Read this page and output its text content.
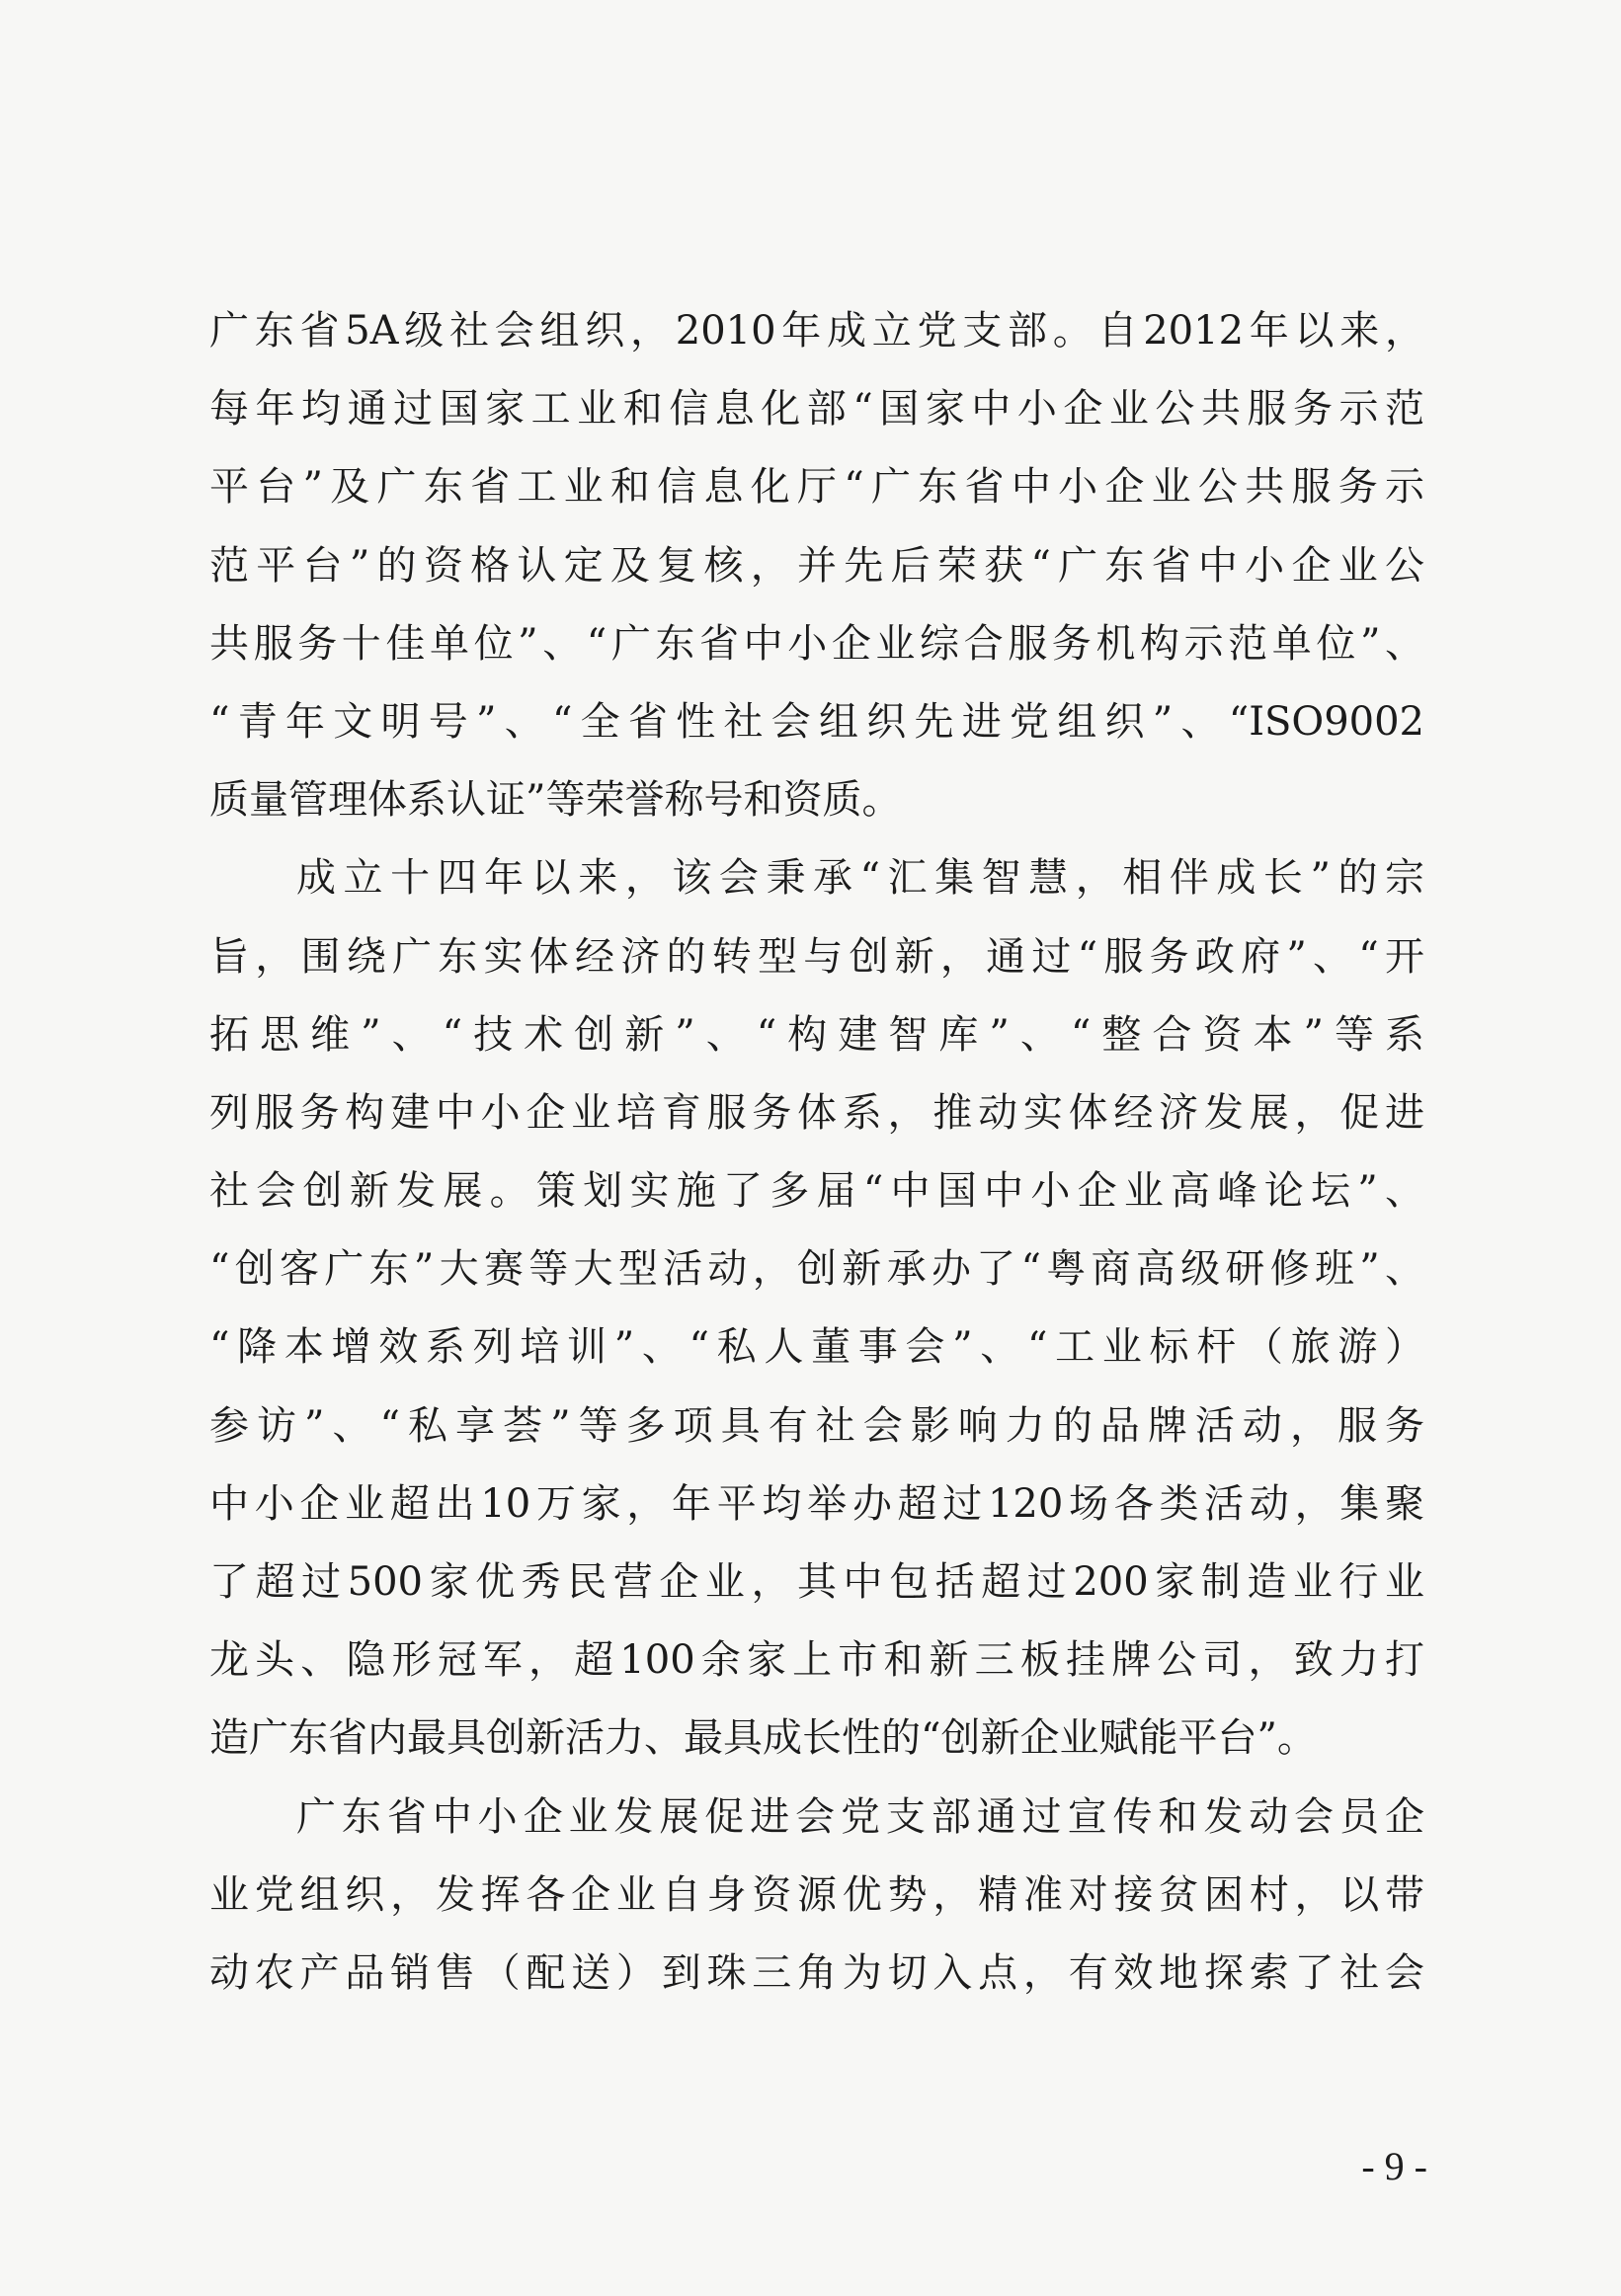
广东省5A级社会组织，2010年成立党支部。自2012年以来，
每年均通过国家工业和信息化部“国家中小企业公共服务示范
平台”及广东省工业和信息化厅“广东省中小企业公共服务示
范平台”的资格认定及复核，并先后荣获“广东省中小企业公
共服务十佳单位”、“广东省中小企业综合服务机构示范单位”、
“青年文明号”、“全省性社会组织先进党组织”、“ISO9002
质量管理体系认证”等荣誉称号和资质。
成立十四年以来，该会秉承“汇集智慧，相伴成长”的宗
旨，围绕广东实体经济的转型与创新，通过“服务政府”、“开
拓思维”、“技术创新”、“构建智库”、“整合资本”等系
列服务构建中小企业培育服务体系，推动实体经济发展，促进
社会创新发展。策划实施了多届“中国中小企业高峰论坛”、
“创客广东”大赛等大型活动，创新承办了“粤商高级研修班”、
“降本增效系列培训”、“私人董事会”、“工业标杆（旅游）
参访”、“私享荟”等多项具有社会影响力的品牌活动，服务
中小企业超出10万家，年平均举办超过120场各类活动，集聚
了超过500家优秀民营企业，其中包括超过200家制造业行业
龙头、隐形冠军，超100余家上市和新三板挂牌公司，致力打
造广东省内最具创新活力、最具成长性的“创新企业赋能平台”。
广东省中小企业发展促进会党支部通过宣传和发动会员企
业党组织，发挥各企业自身资源优势，精准对接贫困村，以带
动农产品销售（配送）到珠三角为切入点，有效地探索了社会
- 9 -
